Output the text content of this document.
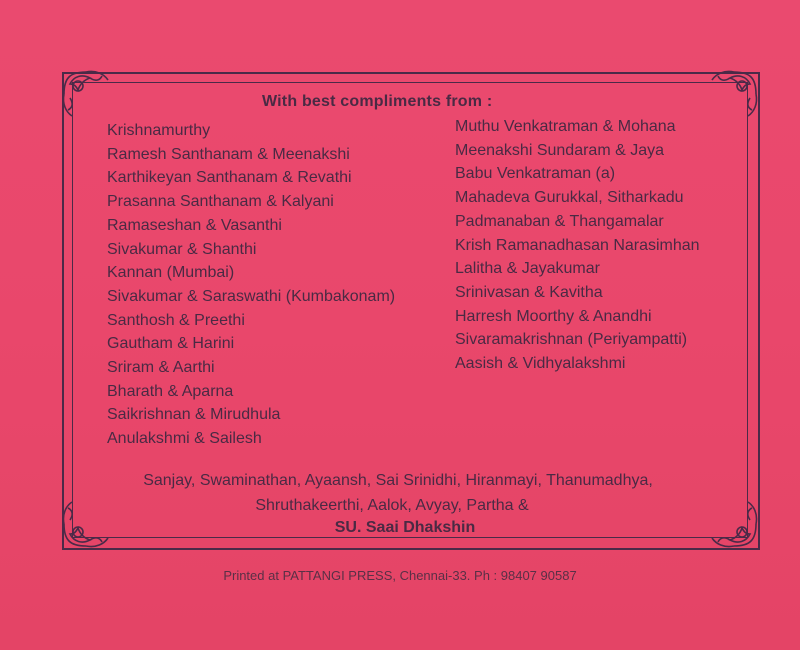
With best compliments from :
Krishnamurthy
Ramesh Santhanam & Meenakshi
Karthikeyan Santhanam & Revathi
Prasanna Santhanam & Kalyani
Ramaseshan & Vasanthi
Sivakumar & Shanthi
Kannan (Mumbai)
Sivakumar & Saraswathi (Kumbakonam)
Santhosh & Preethi
Gautham & Harini
Sriram & Aarthi
Bharath & Aparna
Saikrishnan & Mirudhula
Anulakshmi & Sailesh
Muthu Venkatraman & Mohana
Meenakshi Sundaram & Jaya
Babu Venkatraman (a)
Mahadeva Gurukkal, Sitharkadu
Padmanaban & Thangamalar
Krish Ramanadhasan Narasimhan
Lalitha & Jayakumar
Srinivasan & Kavitha
Harresh Moorthy & Anandhi
Sivaramakrishnan (Periyampatti)
Aasish & Vidhyalakshmi
Sanjay, Swaminathan, Ayaansh, Sai Srinidhi, Hiranmayi, Thanumadhya,
Shruthakeerthi, Aalok, Avyay, Partha &
SU. Saai Dhakshin
Printed at PATTANGI PRESS, Chennai-33. Ph : 98407 90587
